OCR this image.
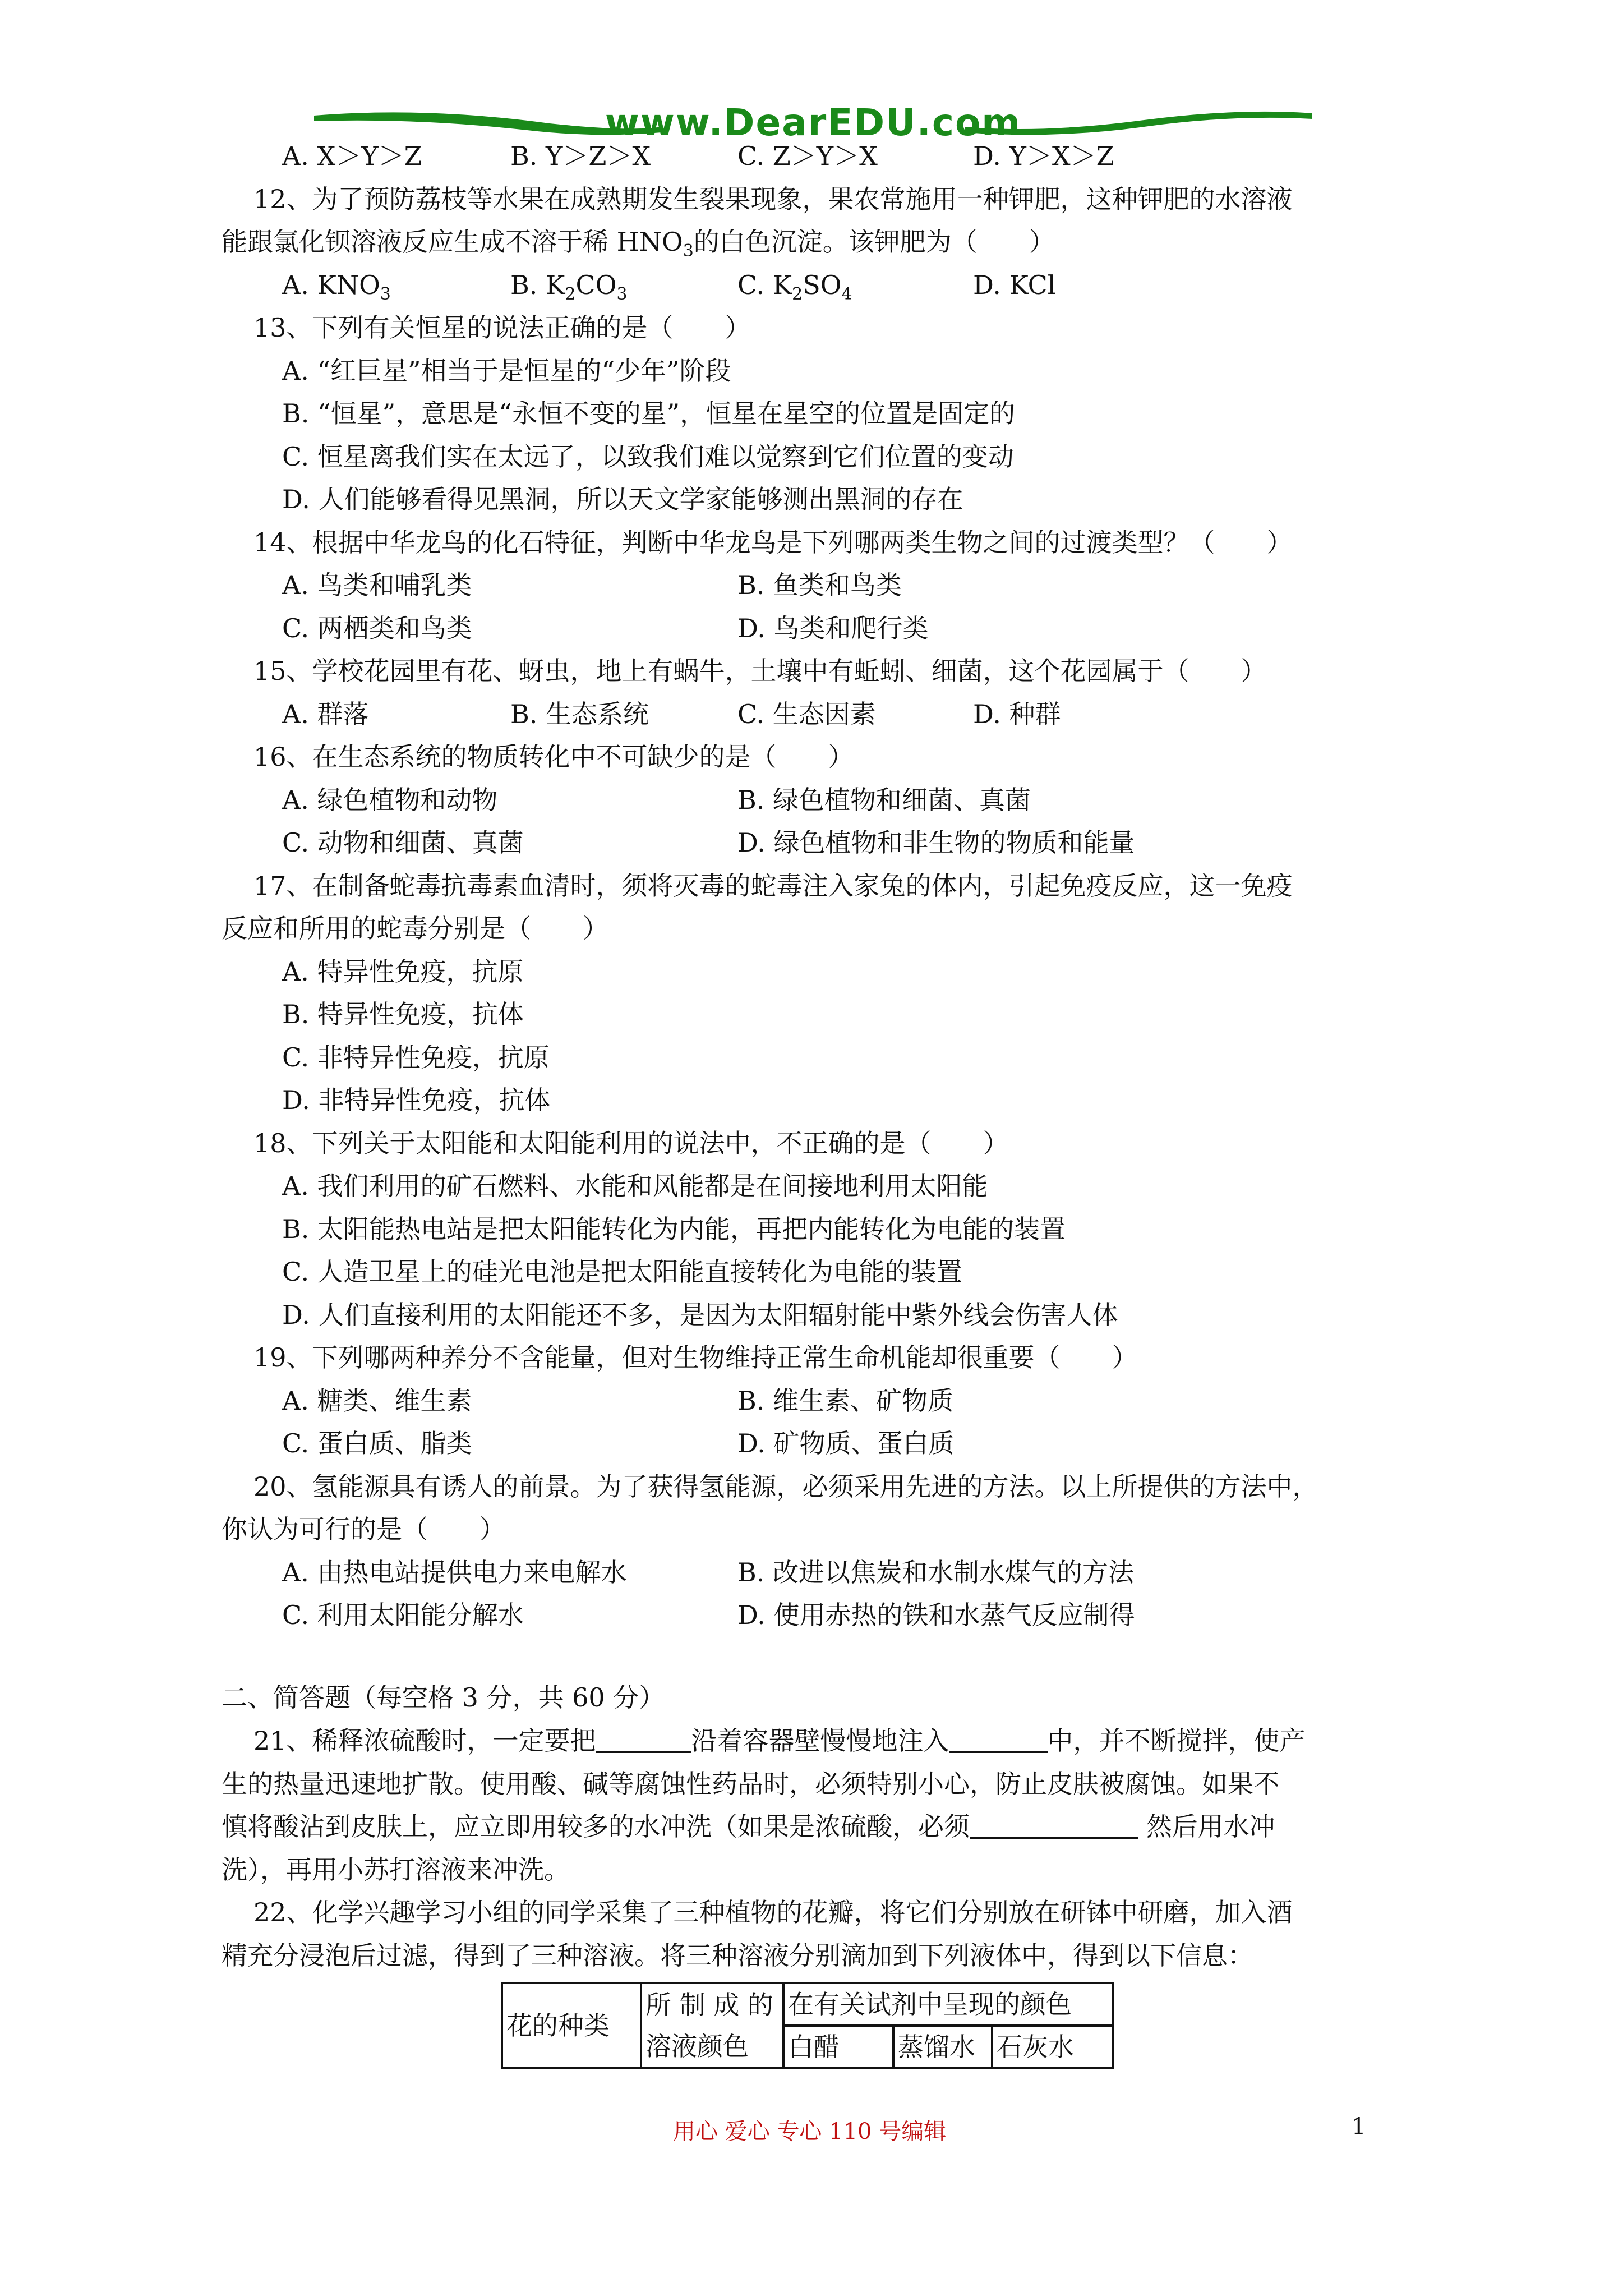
www.DearEDU.com
A. X＞Y＞Z	B. Y＞Z＞X	C. Z＞Y＞X	D. Y＞X＞Z
12、为了预防荔枝等水果在成熟期发生裂果现象，果农常施用一种钾肥，这种钾肥的水溶液
能跟氯化钡溶液反应生成不溶于稀 $HNO_3$的白色沉淀。该钾肥为（　　）
A. $KNO_3$	B. $K_2CO_3$	C. $K_2SO_4$	D. KCl
13、下列有关恒星的说法正确的是（　　）
A. “红巨星”相当于是恒星的“少年”阶段
B. “恒星”，意思是“永恒不变的星”，恒星在星空的位置是固定的
C. 恒星离我们实在太远了，以致我们难以觉察到它们位置的变动
D. 人们能够看得见黑洞，所以天文学家能够测出黑洞的存在
14、根据中华龙鸟的化石特征，判断中华龙鸟是下列哪两类生物之间的过渡类型？（　　）
A. 鸟类和哺乳类	B. 鱼类和鸟类
C. 两栖类和鸟类	D. 鸟类和爬行类
15、学校花园里有花、蚜虫，地上有蜗牛，土壤中有蚯蚓、细菌，这个花园属于（　　）
A. 群落	B. 生态系统	C. 生态因素	D. 种群
16、在生态系统的物质转化中不可缺少的是（　　）
A. 绿色植物和动物	B. 绿色植物和细菌、真菌
C. 动物和细菌、真菌	D. 绿色植物和非生物的物质和能量
17、在制备蛇毒抗毒素血清时，须将灭毒的蛇毒注入家兔的体内，引起免疫反应，这一免疫
反应和所用的蛇毒分别是（　　）
A. 特异性免疫，抗原
B. 特异性免疫，抗体
C. 非特异性免疫，抗原
D. 非特异性免疫，抗体
18、下列关于太阳能和太阳能利用的说法中，不正确的是（　　）
A. 我们利用的矿石燃料、水能和风能都是在间接地利用太阳能
B. 太阳能热电站是把太阳能转化为内能，再把内能转化为电能的装置
C. 人造卫星上的硅光电池是把太阳能直接转化为电能的装置
D. 人们直接利用的太阳能还不多，是因为太阳辐射能中紫外线会伤害人体
19、下列哪两种养分不含能量，但对生物维持正常生命机能却很重要（　　）
A. 糖类、维生素	B. 维生素、矿物质
C. 蛋白质、脂类	D. 矿物质、蛋白质
20、氢能源具有诱人的前景。为了获得氢能源，必须采用先进的方法。以上所提供的方法中，
你认为可行的是（　　）
A. 由热电站提供电力来电解水	B. 改进以焦炭和水制水煤气的方法
C. 利用太阳能分解水	D. 使用赤热的铁和水蒸气反应制得
二、简答题（每空格 3 分，共 60 分）
21、稀释浓硫酸时，一定要把	沿着容器壁慢慢地注入	中，并不断搅拌，使产
生的热量迅速地扩散。使用酸、碱等腐蚀性药品时，必须特别小心，防止皮肤被腐蚀。如果不
慎将酸沾到皮肤上，应立即用较多的水冲洗（如果是浓硫酸，必须	然后用水冲
洗），再用小苏打溶液来冲洗。
22、化学兴趣学习小组的同学采集了三种植物的花瓣，将它们分别放在研钵中研磨，加入酒
精充分浸泡后过滤，得到了三种溶液。将三种溶液分别滴加到下列液体中，得到以下信息：
花的种类	所 制 成 的	在有关试剂中呈现的颜色		
	溶液颜色	白醋	蒸馏水	石灰水
用心 爱心 专心 110 号编辑	1
